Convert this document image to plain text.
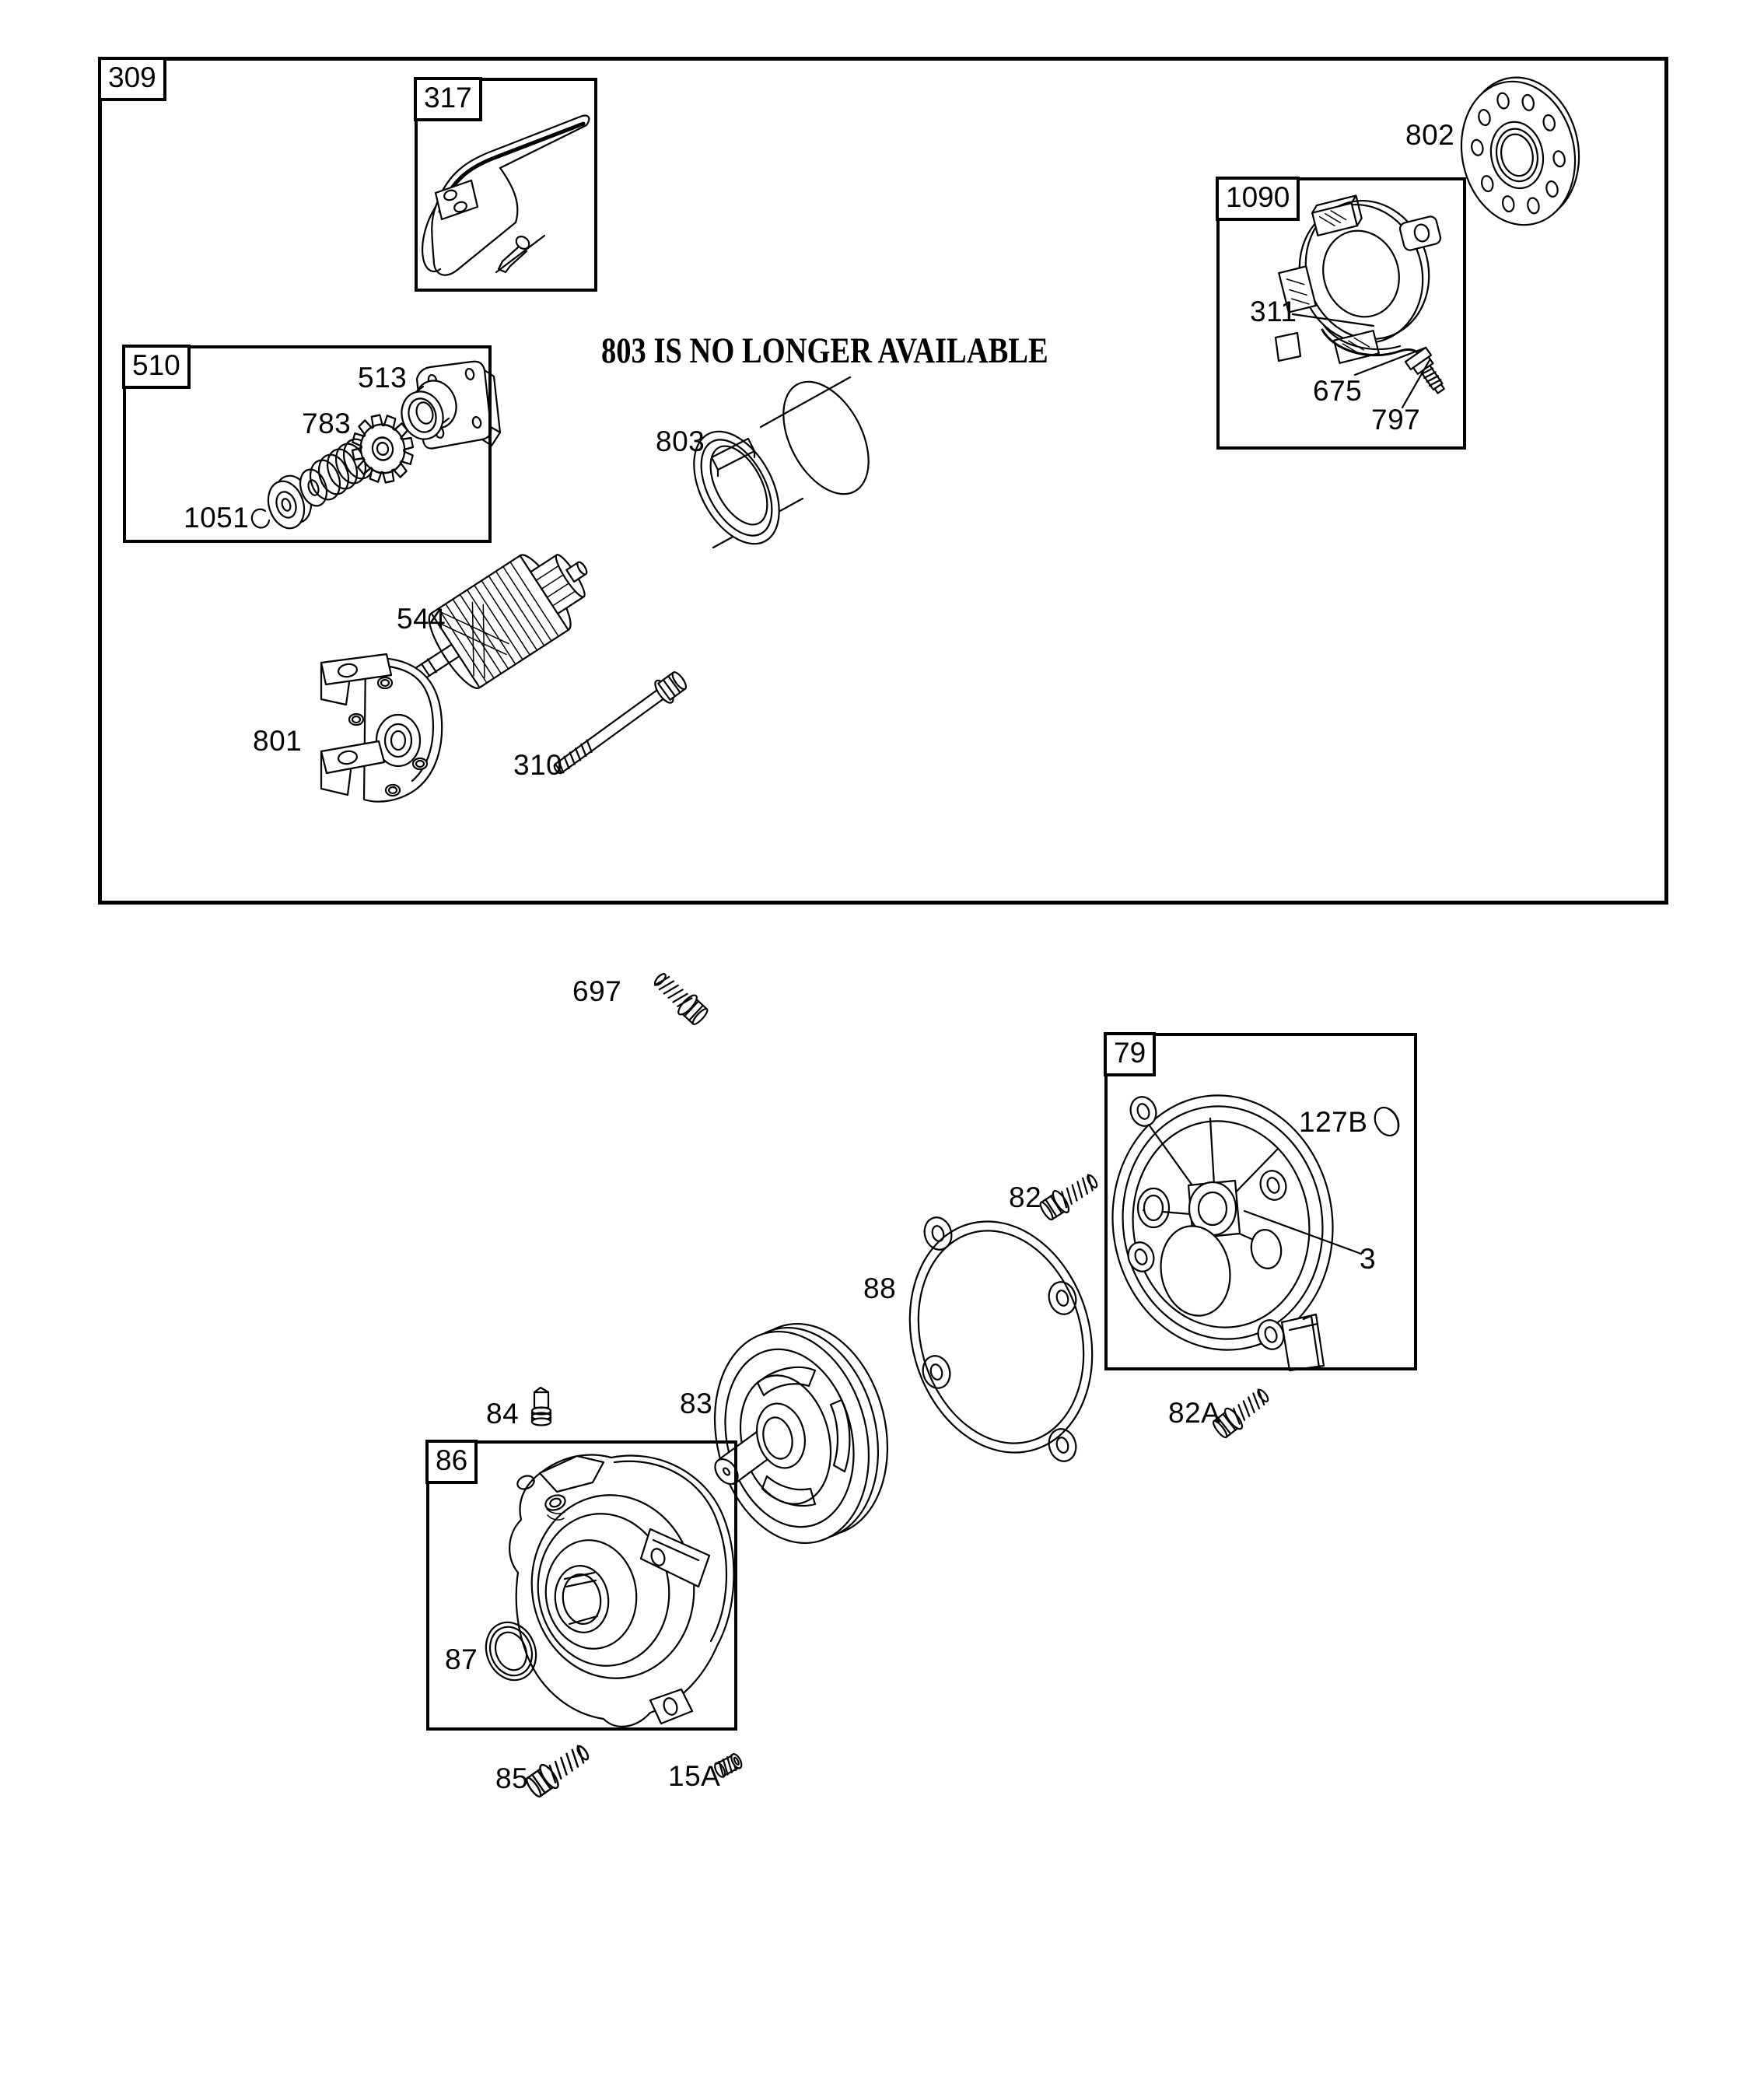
309
317
510
1090
79
86
803 IS NO LONGER AVAILABLE
513
783
1051
803
544
801
310
802
311
675
797
697
127B
3
82
88
83
84
87
85	15A
82A
